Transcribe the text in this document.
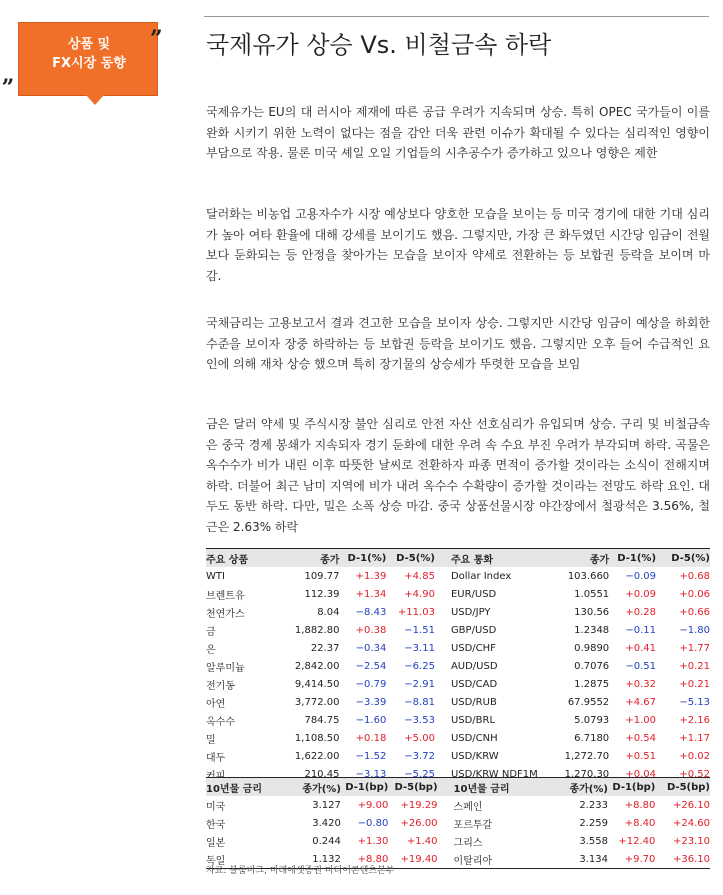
상품 및
FX시장 동향
„
” 국제유가 상승 Vs. 비철금속 하락

국제유가는 EU의 대 러시아 제재에 따른 공급 우려가 지속되며 상승. 특히 OPEC 국가들이 이를 완화 시키기 위한 노력이 없다는 점을 감안 더욱 관련 이슈가 확대될 수 있다는 심리적인 영향이 부담으로 작용. 물론 미국 셰일 오일 기업들의 시추공수가 증가하고 있으나 영향은 제한

달러화는 비농업 고용자수가 시장 예상보다 양호한 모습을 보이는 등 미국 경기에 대한 기대 심리가 높아 여타 환율에 대해 강세를 보이기도 했음. 그렇지만, 가장 큰 화두였던 시간당 임금이 전월보다 둔화되는 등 안정을 찾아가는 모습을 보이자 약세로 전환하는 등 보합권 등락을 보이며 마감.

국채금리는 고용보고서 결과 견고한 모습을 보이자 상승. 그렇지만 시간당 임금이 예상을 하회한 수준을 보이자 장중 하락하는 등 보합권 등락을 보이기도 했음. 그렇지만 오후 들어 수급적인 요인에 의해 재차 상승 했으며 특히 장기물의 상승세가 뚜렷한 모습을 보임

금은 달러 약세 및 주식시장 불안 심리로 안전 자산 선호심리가 유입되며 상승. 구리 및 비철금속은 중국 경제 봉쇄가 지속되자 경기 둔화에 대한 우려 속 수요 부진 우려가 부각되며 하락. 곡물은 옥수수가 비가 내린 이후 따뜻한 날씨로 전환하자 파종 면적이 증가할 것이라는 소식이 전해지며 하락. 더불어 최근 남미 지역에 비가 내려 옥수수 수확량이 증가할 것이라는 전망도 하락 요인. 대두도 동반 하락. 다만, 밀은 소폭 상승 마감. 중국 상품선물시장 야간장에서 철광석은 3.56%, 철근은 2.63% 하락

주요 상품	종가	D-1(%)	D-5(%)	주요 통화	종가	D-1(%)	D-5(%)
WTI	109.77	+1.39	+4.85	Dollar Index	103.660	−0.09	+0.68
브렌트유	112.39	+1.34	+4.90	EUR/USD	1.0551	+0.09	+0.06
천연가스	8.04	−8.43	+11.03	USD/JPY	130.56	+0.28	+0.66
금	1,882.80	+0.38	−1.51	GBP/USD	1.2348	−0.11	−1.80
은	22.37	−0.34	−3.11	USD/CHF	0.9890	+0.41	+1.77
알루미늄	2,842.00	−2.54	−6.25	AUD/USD	0.7076	−0.51	+0.21
전기동	9,414.50	−0.79	−2.91	USD/CAD	1.2875	+0.32	+0.21
아연	3,772.00	−3.39	−8.81	USD/RUB	67.9552	+4.67	−5.13
옥수수	784.75	−1.60	−3.53	USD/BRL	5.0793	+1.00	+2.16
밀	1,108.50	+0.18	+5.00	USD/CNH	6.7180	+0.54	+1.17
대두	1,622.00	−1.52	−3.72	USD/KRW	1,272.70	+0.51	+0.02
커피	210.45	−3.13	−5.25	USD/KRW NDF1M	1,270.30	+0.04	+0.52
10년물 금리	종가(%)	D-1(bp)	D-5(bp)	10년물 금리	종가(%)	D-1(bp)	D-5(bp)
미국	3.127	+9.00	+19.29	스페인	2.233	+8.80	+26.10
한국	3.420	−0.80	+26.00	포르투갈	2.259	+8.40	+24.60
일본	0.244	+1.30	+1.40	그리스	3.558	+12.40	+23.10
독일	1.132	+8.80	+19.40	이탈리아	3.134	+9.70	+36.10
자료: 블룸버그, 미래에셋증권 미디어콘텐츠본부
